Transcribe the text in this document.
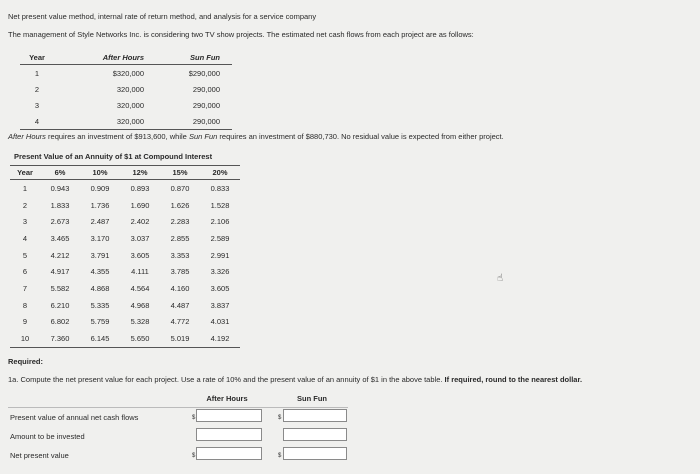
Net present value method, internal rate of return method, and analysis for a service company
The management of Style Networks Inc. is considering two TV show projects. The estimated net cash flows from each project are as follows:
Year	After Hours	Sun Fun
1	$320,000	$290,000
2	320,000	290,000
3	320,000	290,000
4	320,000	290,000
After Hours requires an investment of $913,600, while Sun Fun requires an investment of $880,730. No residual value is expected from either project.
Present Value of an Annuity of $1 at Compound Interest
Year	6%	10%	12%	15%	20%
1	0.943	0.909	0.893	0.870	0.833
2	1.833	1.736	1.690	1.626	1.528
3	2.673	2.487	2.402	2.283	2.106
4	3.465	3.170	3.037	2.855	2.589
5	4.212	3.791	3.605	3.353	2.991
6	4.917	4.355	4.111	3.785	3.326
7	5.582	4.868	4.564	4.160	3.605
8	6.210	5.335	4.968	4.487	3.837
9	6.802	5.759	5.328	4.772	4.031
10	7.360	6.145	5.650	5.019	4.192
Required:
1a. Compute the net present value for each project. Use a rate of 10% and the present value of an annuity of $1 in the above table. If required, round to the nearest dollar.
After Hours	Sun Fun
Present value of annual net cash flows	$	$
Amount to be invested
Net present value	$	$
☝
